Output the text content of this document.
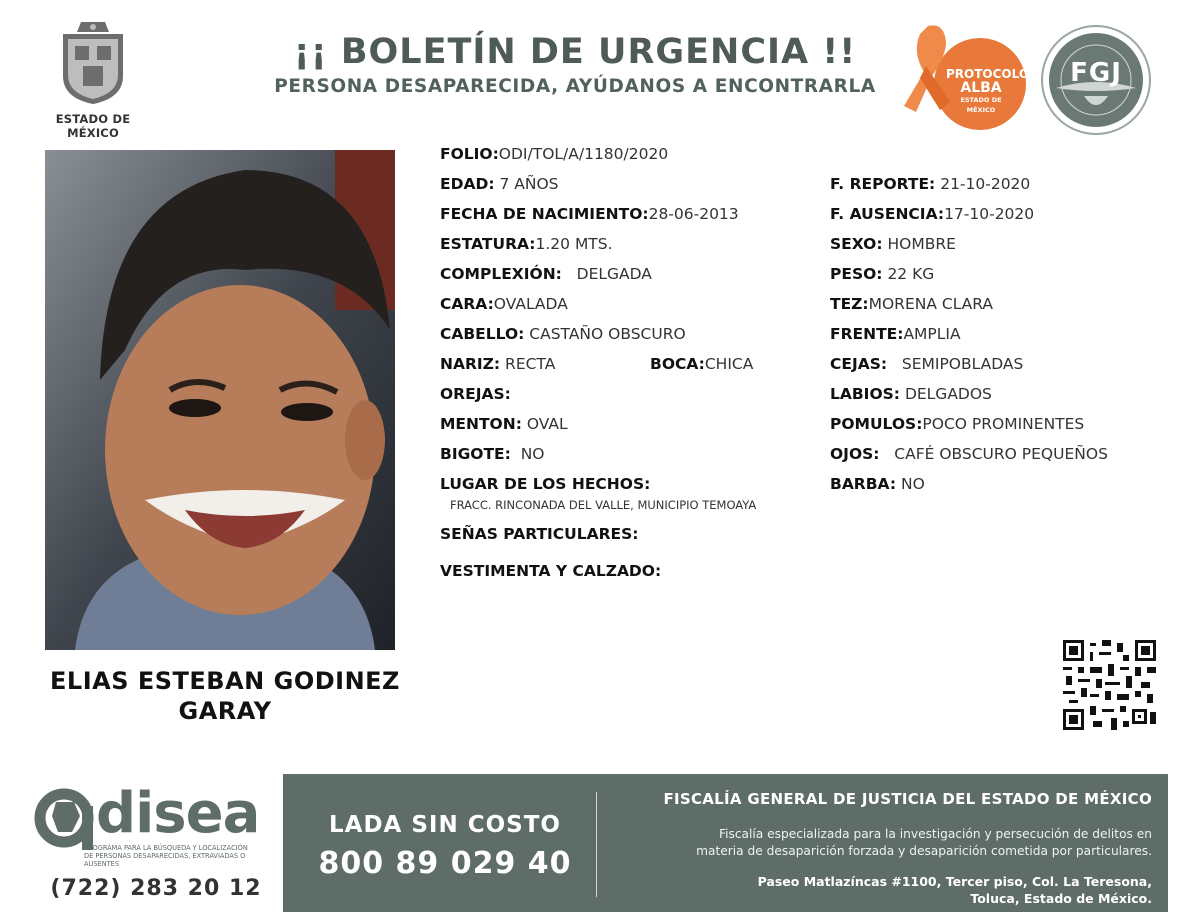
ESTADO DE MÉXICO
¡¡ BOLETÍN DE URGENCIA !!
PERSONA DESAPARECIDA, AYÚDANOS A ENCONTRARLA
PROTOCOLO
ALBA
ESTADO DE MÉXICO
FGJ
ELIAS ESTEBAN GODINEZ
GARAY
FOLIO:ODI/TOL/A/1180/2020
EDAD: 7 AÑOS
FECHA DE NACIMIENTO:28-06-2013
ESTATURA:1.20 MTS.
COMPLEXIÓN: DELGADA
CARA:OVALADA
CABELLO: CASTAÑO OBSCURO
NARIZ: RECTA	BOCA:CHICA
OREJAS:
MENTON: OVAL
BIGOTE: NO
LUGAR DE LOS HECHOS:
FRACC. RINCONADA DEL VALLE, MUNICIPIO TEMOAYA
SEÑAS PARTICULARES:
VESTIMENTA Y CALZADO:
F. REPORTE: 21-10-2020
F. AUSENCIA:17-10-2020
SEXO: HOMBRE
PESO: 22 KG
TEZ:MORENA CLARA
FRENTE:AMPLIA
CEJAS: SEMIPOBLADAS
LABIOS: DELGADOS
POMULOS:POCO PROMINENTES
OJOS: CAFÉ OBSCURO PEQUEÑOS
BARBA: NO
disea
PROGRAMA PARA LA BÚSQUEDA Y LOCALIZACIÓN
DE PERSONAS DESAPARECIDAS, EXTRAVIADAS O
AUSENTES
(722) 283 20 12
LADA SIN COSTO
800 89 029 40
FISCALÍA GENERAL DE JUSTICIA DEL ESTADO DE MÉXICO
Fiscalía especializada para la investigación y persecución de delitos en
materia de desaparición forzada y desaparición cometida por particulares.
Paseo Matlazíncas #1100, Tercer piso, Col. La Teresona,
Toluca, Estado de México.
